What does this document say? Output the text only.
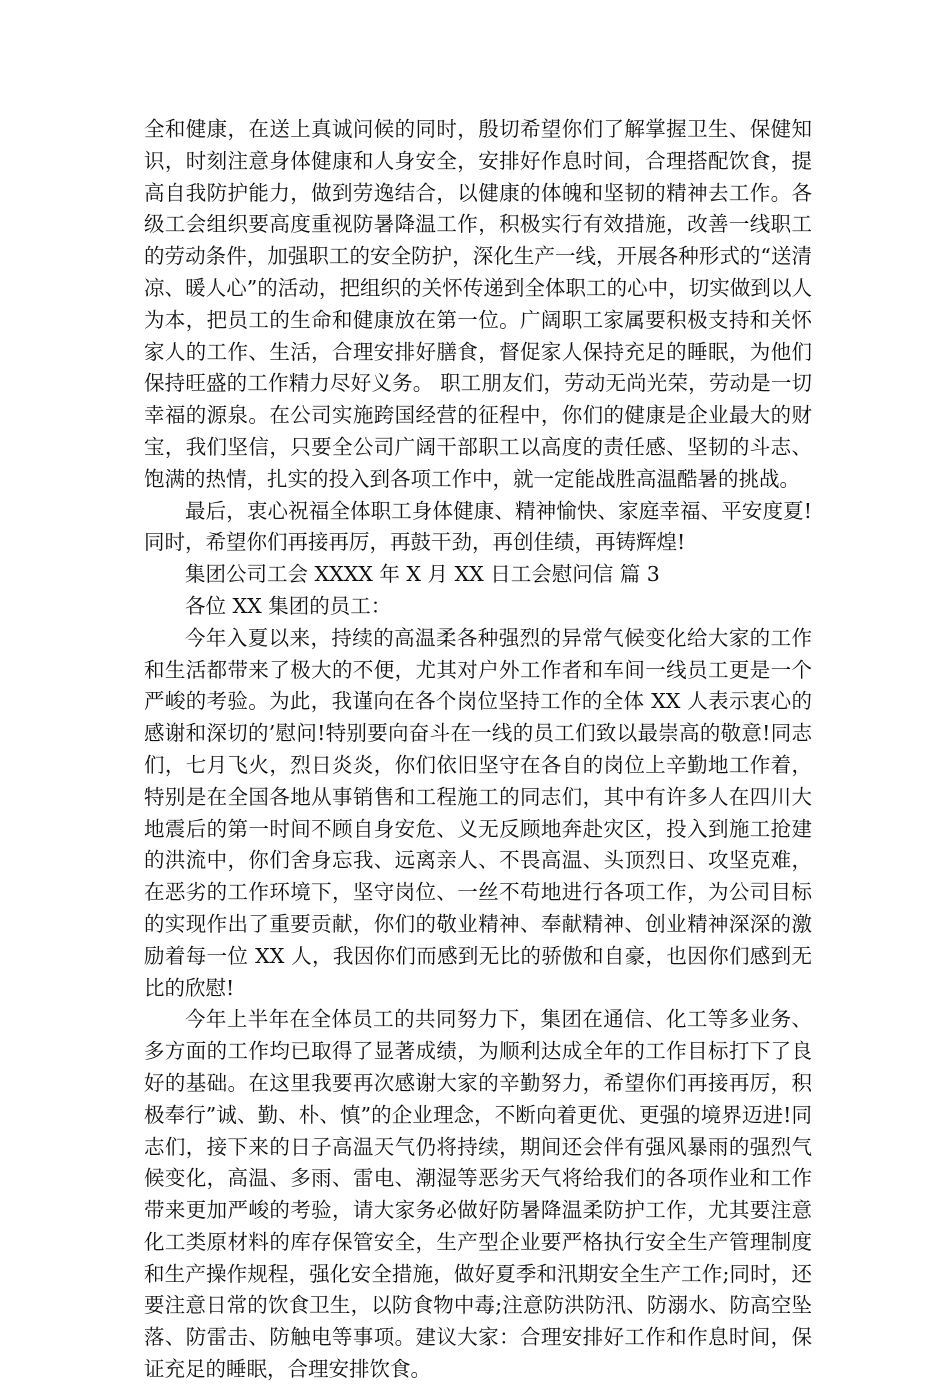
全和健康，在送上真诚问候的同时，殷切希望你们了解掌握卫生、保健知识，时刻注意身体健康和人身安全，安排好作息时间，合理搭配饮食，提高自我防护能力，做到劳逸结合，以健康的体魄和坚韧的精神去工作。各级工会组织要高度重视防暑降温工作，积极实行有效措施，改善一线职工的劳动条件，加强职工的安全防护，深化生产一线，开展各种形式的“送清凉、暖人心”的活动，把组织的关怀传递到全体职工的心中，切实做到以人为本，把员工的生命和健康放在第一位。广阔职工家属要积极支持和关怀家人的工作、生活，合理安排好膳食，督促家人保持充足的睡眠，为他们保持旺盛的工作精力尽好义务。 职工朋友们，劳动无尚光荣，劳动是一切幸福的源泉。在公司实施跨国经营的征程中，你们的健康是企业最大的财宝，我们坚信，只要全公司广阔干部职工以高度的责任感、坚韧的斗志、饱满的热情，扎实的投入到各项工作中，就一定能战胜高温酷暑的挑战。

最后，衷心祝福全体职工身体健康、精神愉快、家庭幸福、平安度夏!同时，希望你们再接再厉，再鼓干劲，再创佳绩，再铸辉煌!

集团公司工会 XXXX 年 X 月 XX 日工会慰问信 篇 3

各位 XX 集团的员工：

今年入夏以来，持续的高温柔各种强烈的异常气候变化给大家的工作和生活都带来了极大的不便，尤其对户外工作者和车间一线员工更是一个严峻的考验。为此，我谨向在各个岗位坚持工作的全体 XX 人表示衷心的感谢和深切的’慰问!特别要向奋斗在一线的员工们致以最崇高的敬意!同志们，七月飞火，烈日炎炎，你们依旧坚守在各自的岗位上辛勤地工作着，特别是在全国各地从事销售和工程施工的同志们，其中有许多人在四川大地震后的第一时间不顾自身安危、义无反顾地奔赴灾区，投入到施工抢建的洪流中，你们舍身忘我、远离亲人、不畏高温、头顶烈日、攻坚克难，在恶劣的工作环境下，坚守岗位、一丝不苟地进行各项工作，为公司目标的实现作出了重要贡献，你们的敬业精神、奉献精神、创业精神深深的激励着每一位 XX 人，我因你们而感到无比的骄傲和自豪，也因你们感到无比的欣慰!

今年上半年在全体员工的共同努力下，集团在通信、化工等多业务、多方面的工作均已取得了显著成绩，为顺利达成全年的工作目标打下了良好的基础。在这里我要再次感谢大家的辛勤努力，希望你们再接再厉，积极奉行”诚、勤、朴、慎”的企业理念，不断向着更优、更强的境界迈进!同志们，接下来的日子高温天气仍将持续，期间还会伴有强风暴雨的强烈气候变化，高温、多雨、雷电、潮湿等恶劣天气将给我们的各项作业和工作带来更加严峻的考验，请大家务必做好防暑降温柔防护工作，尤其要注意化工类原材料的库存保管安全，生产型企业要严格执行安全生产管理制度和生产操作规程，强化安全措施，做好夏季和汛期安全生产工作;同时，还要注意日常的饮食卫生，以防食物中毒;注意防洪防汛、防溺水、防高空坠落、防雷击、防触电等事项。建议大家：合理安排好工作和作息时间，保证充足的睡眠，合理安排饮食。
